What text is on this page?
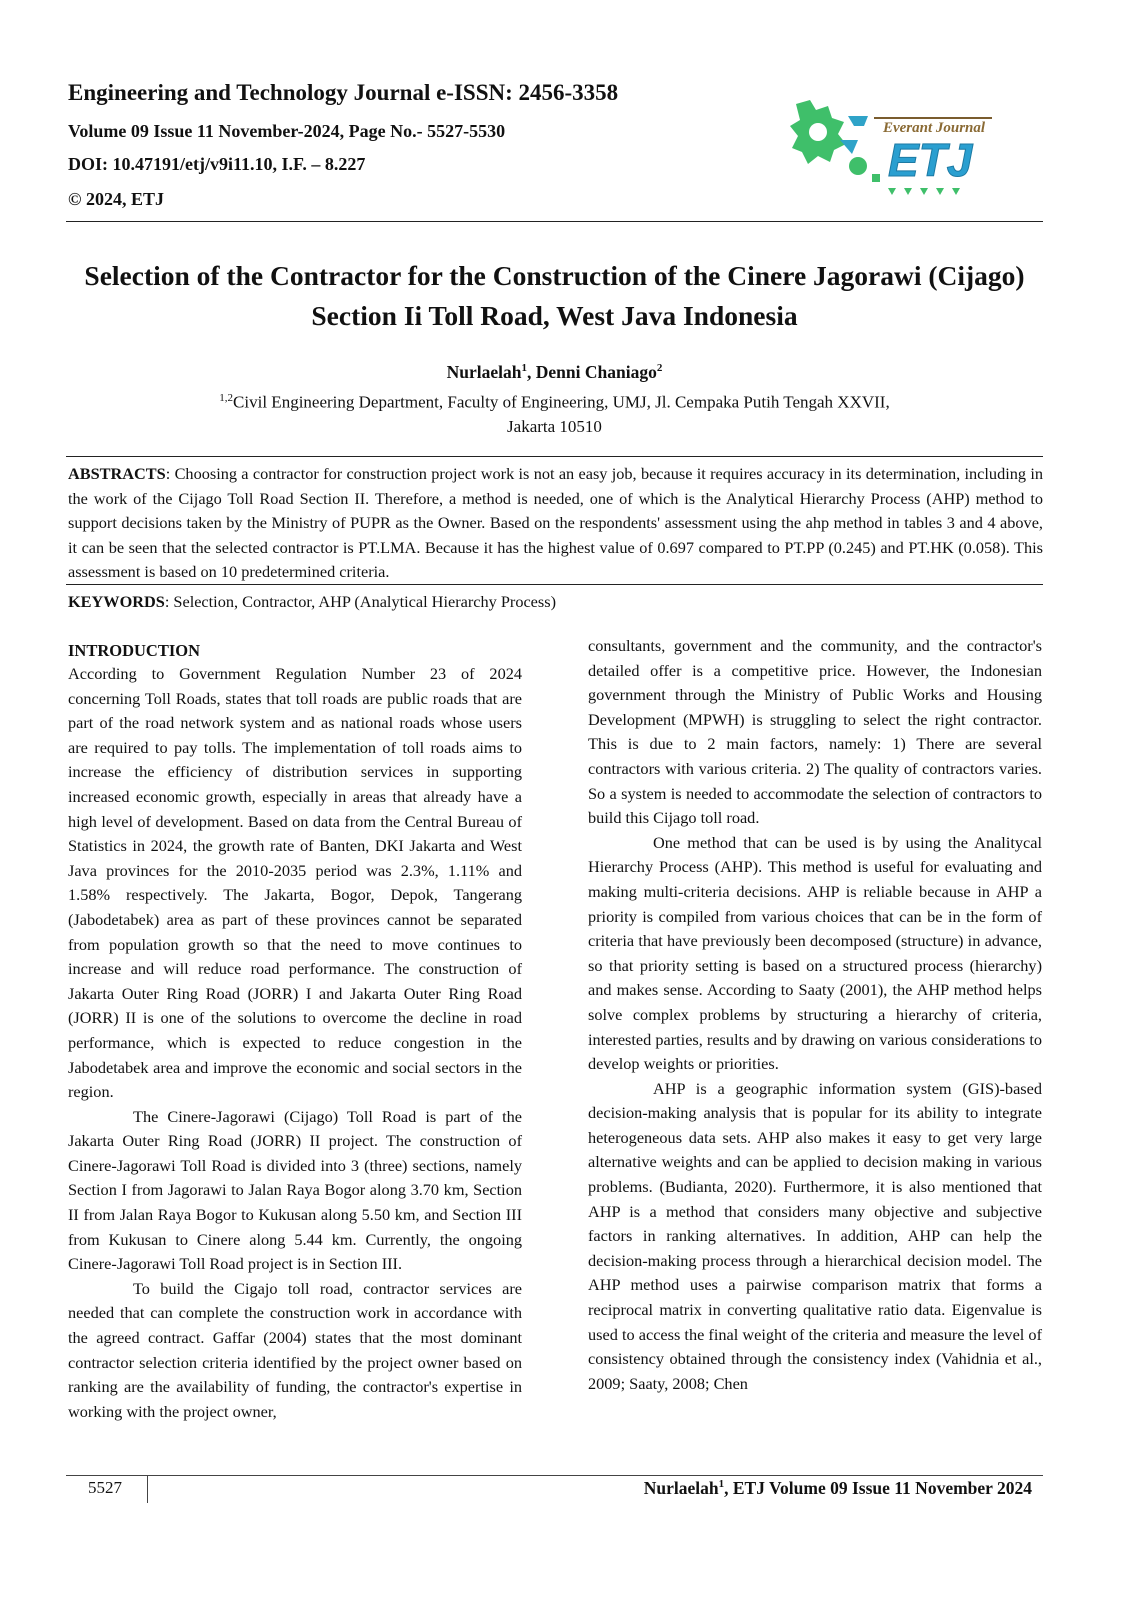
Engineering and Technology Journal e-ISSN: 2456-3358
Volume 09 Issue 11 November-2024, Page No.- 5527-5530
DOI: 10.47191/etj/v9i11.10, I.F. – 8.227
© 2024, ETJ
Everant Journal
ETJ
Selection of the Contractor for the Construction of the Cinere Jagorawi (Cijago) Section Ii Toll Road, West Java Indonesia
Nurlaelah$^1$, Denni Chaniago$^2$
$^{1,2}$Civil Engineering Department, Faculty of Engineering, UMJ, Jl. Cempaka Putih Tengah XXVII,
Jakarta 10510
ABSTRACTS: Choosing a contractor for construction project work is not an easy job, because it requires accuracy in its determination, including in the work of the Cijago Toll Road Section II. Therefore, a method is needed, one of which is the Analytical Hierarchy Process (AHP) method to support decisions taken by the Ministry of PUPR as the Owner. Based on the respondents' assessment using the ahp method in tables 3 and 4 above, it can be seen that the selected contractor is PT.LMA. Because it has the highest value of 0.697 compared to PT.PP (0.245) and PT.HK (0.058). This assessment is based on 10 predetermined criteria.
KEYWORDS: Selection, Contractor, AHP (Analytical Hierarchy Process)
INTRODUCTION

According to Government Regulation Number 23 of 2024 concerning Toll Roads, states that toll roads are public roads that are part of the road network system and as national roads whose users are required to pay tolls. The implementation of toll roads aims to increase the efficiency of distribution services in supporting increased economic growth, especially in areas that already have a high level of development. Based on data from the Central Bureau of Statistics in 2024, the growth rate of Banten, DKI Jakarta and West Java provinces for the 2010-2035 period was 2.3%, 1.11% and 1.58% respectively. The Jakarta, Bogor, Depok, Tangerang (Jabodetabek) area as part of these provinces cannot be separated from population growth so that the need to move continues to increase and will reduce road performance. The construction of Jakarta Outer Ring Road (JORR) I and Jakarta Outer Ring Road (JORR) II is one of the solutions to overcome the decline in road performance, which is expected to reduce congestion in the Jabodetabek area and improve the economic and social sectors in the region.

The Cinere-Jagorawi (Cijago) Toll Road is part of the Jakarta Outer Ring Road (JORR) II project. The construction of Cinere-Jagorawi Toll Road is divided into 3 (three) sections, namely Section I from Jagorawi to Jalan Raya Bogor along 3.70 km, Section II from Jalan Raya Bogor to Kukusan along 5.50 km, and Section III from Kukusan to Cinere along 5.44 km. Currently, the ongoing Cinere-Jagorawi Toll Road project is in Section III.

To build the Cigajo toll road, contractor services are needed that can complete the construction work in accordance with the agreed contract. Gaffar (2004) states that the most dominant contractor selection criteria identified by the project owner based on ranking are the availability of funding, the contractor's expertise in working with the project owner,

consultants, government and the community, and the contractor's detailed offer is a competitive price. However, the Indonesian government through the Ministry of Public Works and Housing Development (MPWH) is struggling to select the right contractor. This is due to 2 main factors, namely: 1) There are several contractors with various criteria. 2) The quality of contractors varies. So a system is needed to accommodate the selection of contractors to build this Cijago toll road.

One method that can be used is by using the Analitycal Hierarchy Process (AHP). This method is useful for evaluating and making multi-criteria decisions. AHP is reliable because in AHP a priority is compiled from various choices that can be in the form of criteria that have previously been decomposed (structure) in advance, so that priority setting is based on a structured process (hierarchy) and makes sense. According to Saaty (2001), the AHP method helps solve complex problems by structuring a hierarchy of criteria, interested parties, results and by drawing on various considerations to develop weights or priorities.

AHP is a geographic information system (GIS)-based decision-making analysis that is popular for its ability to integrate heterogeneous data sets. AHP also makes it easy to get very large alternative weights and can be applied to decision making in various problems. (Budianta, 2020). Furthermore, it is also mentioned that AHP is a method that considers many objective and subjective factors in ranking alternatives. In addition, AHP can help the decision-making process through a hierarchical decision model. The AHP method uses a pairwise comparison matrix that forms a reciprocal matrix in converting qualitative ratio data. Eigenvalue is used to access the final weight of the criteria and measure the level of consistency obtained through the consistency index (Vahidnia et al., 2009; Saaty, 2008; Chen

5527	Nurlaelah$^1$, ETJ Volume 09 Issue 11 November 2024
